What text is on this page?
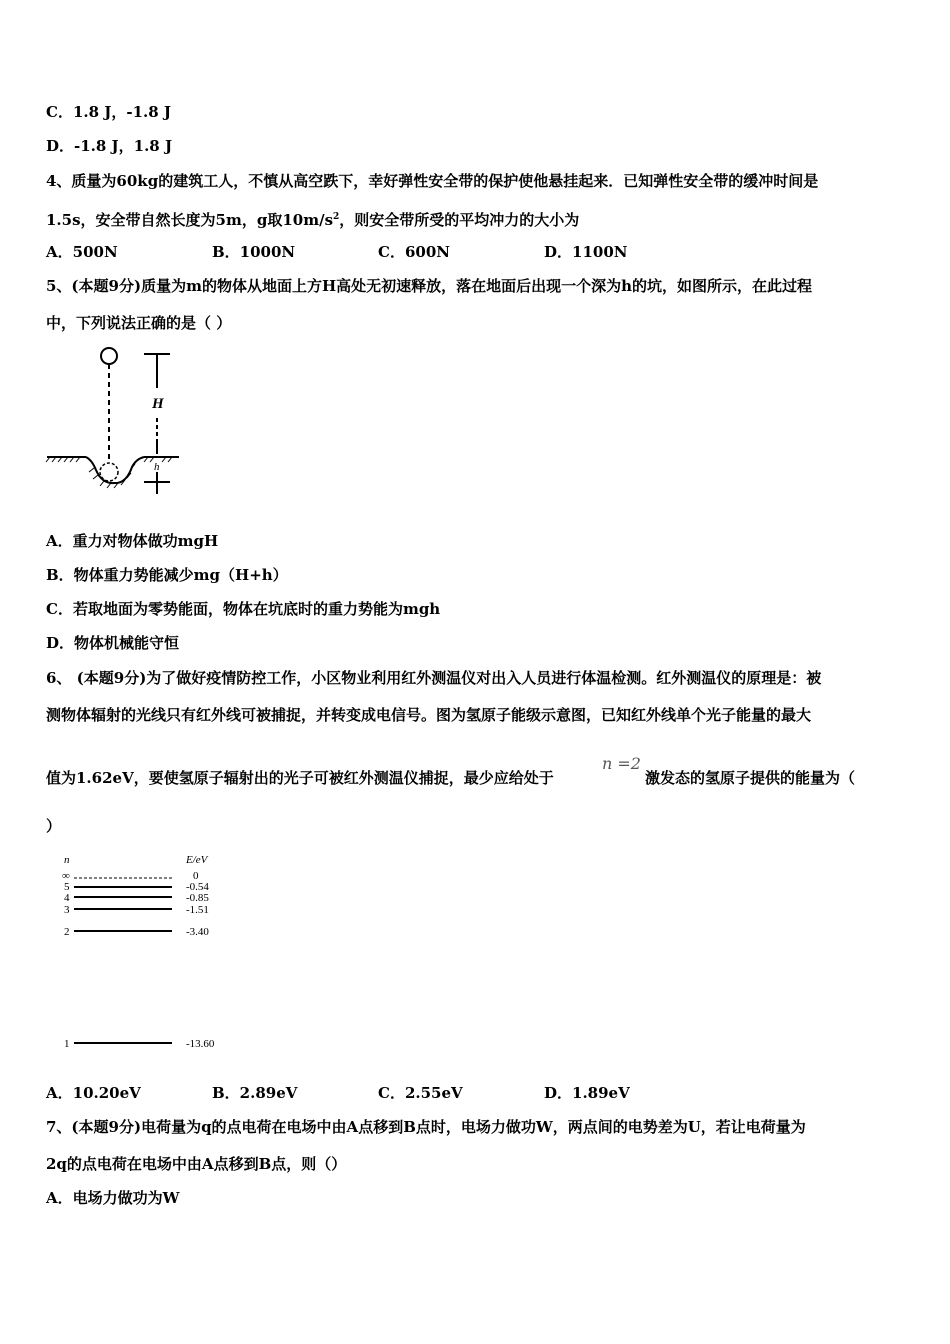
C．1.8 J，-1.8 J
D．-1.8 J，1.8 J
4、质量为60kg的建筑工人，不慎从高空跌下，幸好弹性安全带的保护使他悬挂起来．已知弹性安全带的缓冲时间是
1.5s，安全带自然长度为5m，g取$10m/s^2$，则安全带所受的平均冲力的大小为
A．500N	B．1000N	C．600N	D．1100N
5、(本题9分)质量为m的物体从地面上方H高处无初速释放，落在地面后出现一个深为h的坑，如图所示，在此过程
中，下列说法正确的是（ ）
H
h
A．重力对物体做功mgH
B．物体重力势能减少mg（H+h）
C．若取地面为零势能面，物体在坑底时的重力势能为mgh
D．物体机械能守恒
6、 (本题9分)为了做好疫情防控工作，小区物业利用红外测温仪对出入人员进行体温检测。红外测温仪的原理是：被
测物体辐射的光线只有红外线可被捕捉，并转变成电信号。图为氢原子能级示意图，已知红外线单个光子能量的最大
值为1.62eV，要使氢原子辐射出的光子可被红外测温仪捕捉，最少应给处于
n =2
激发态的氢原子提供的能量为（
）
n	E/eV
∞	0
5	-0.54
4	-0.85
3	-1.51
2	-3.40
1	-13.60
A．10.20eV	B．2.89eV	C．2.55eV	D．1.89eV
7、(本题9分)电荷量为q的点电荷在电场中由A点移到B点时，电场力做功W，两点间的电势差为U，若让电荷量为
2q的点电荷在电场中由A点移到B点，则（）
A．电场力做功为W
